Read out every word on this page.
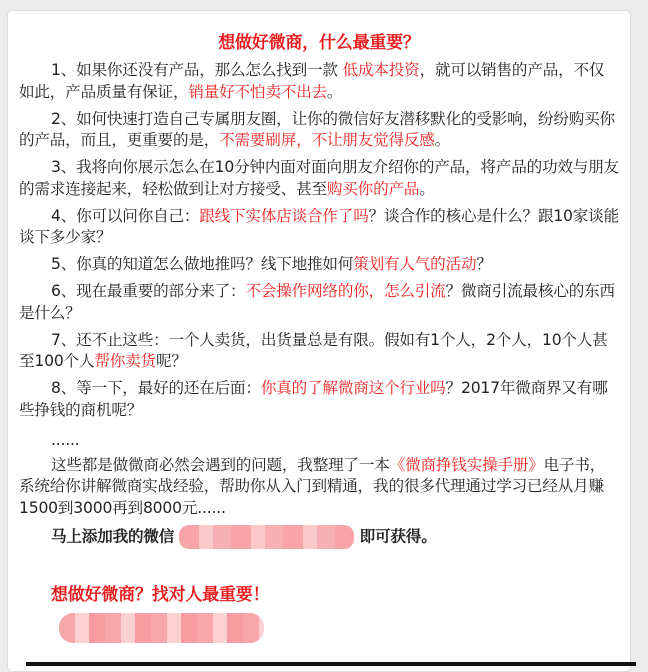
想做好微商，什么最重要？

1、如果你还没有产品，那么怎么找到一款 低成本投资，就可以销售的产品，不仅如此，产品质量有保证，销量好不怕卖不出去。

2、如何快速打造自己专属朋友圈，让你的微信好友潜移默化的受影响，纷纷购买你的产品，而且，更重要的是，不需要刷屏，不让朋友觉得反感。

3、我将向你展示怎么在10分钟内面对面向朋友介绍你的产品，将产品的功效与朋友的需求连接起来，轻松做到让对方接受、甚至购买你的产品。

4、你可以问你自己：跟线下实体店谈合作了吗？谈合作的核心是什么？跟10家谈能谈下多少家？

5、你真的知道怎么做地推吗？线下地推如何策划有人气的活动？

6、现在最重要的部分来了：不会操作网络的你，怎么引流？微商引流最核心的东西是什么？

7、还不止这些：一个人卖货，出货量总是有限。假如有1个人，2个人，10个人甚至100个人帮你卖货呢？

8、等一下，最好的还在后面：你真的了解微商这个行业吗？2017年微商界又有哪些挣钱的商机呢？

......

这些都是做微商必然会遇到的问题，我整理了一本《微商挣钱实操手册》电子书，系统给你讲解微商实战经验，帮助你从入门到精通，我的很多代理通过学习已经从月赚1500到3000再到8000元......

马上添加我的微信	即可获得。

想做好微商？找对人最重要！
